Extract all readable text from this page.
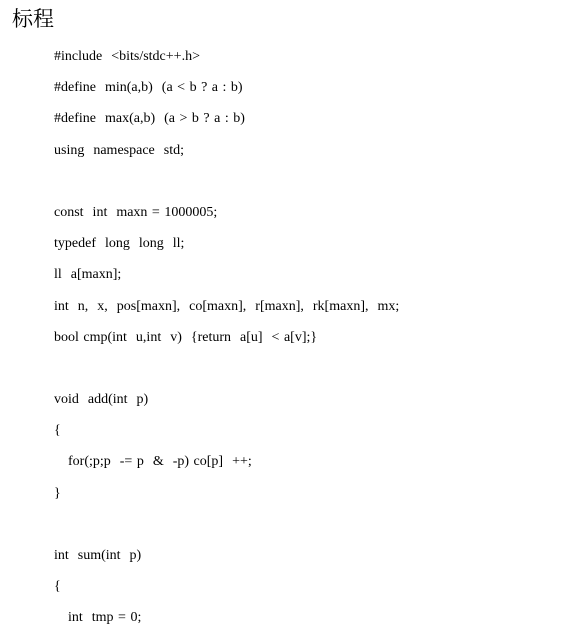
标程
#include  <bits/stdc++.h>
#define  min(a,b)  (a < b ? a : b)
#define  max(a,b)  (a > b ? a : b)
using  namespace  std;
const  int  maxn = 1000005;
typedef  long  long  ll;
ll  a[maxn];
int  n,  x,  pos[maxn],  co[maxn],  r[maxn],  rk[maxn],  mx;
bool cmp(int  u,int  v)  {return  a[u]  < a[v];}
void  add(int  p)
{
for(;p;p  -= p  &  -p) co[p]  ++;
}
int  sum(int  p)
{
int  tmp = 0;
